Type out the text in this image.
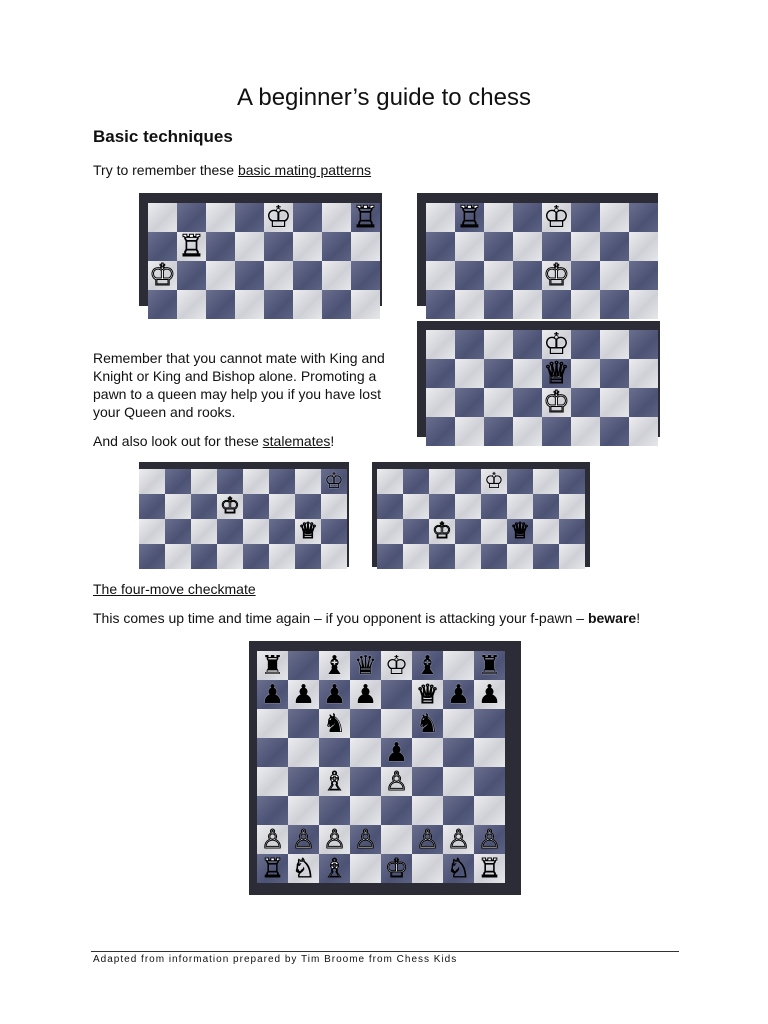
A beginner’s guide to chess
Basic techniques
Try to remember these basic mating patterns
♔ ♖
♖
♔
♖ ♔
♔
♔
♕
♔
Remember that you cannot mate with King and Knight or King and Bishop alone. Promoting a pawn to a queen may help you if you have lost your Queen and rooks.
And also look out for these stalemates!
♔
♔
♕
♔
♔	♕
The four-move checkmate
This comes up time and time again – if you opponent is attacking your f-pawn – beware!
♜ ♝ ♛ ♔ ♝ ♜
♟ ♟ ♟ ♟ ♕ ♟ ♟
♞	♞
♟
♗ ♙
♙ ♙ ♙ ♙ ♙ ♙ ♙
♖ ♘ ♗ ♔ ♘ ♖
Adapted from information prepared by Tim Broome from Chess Kids
